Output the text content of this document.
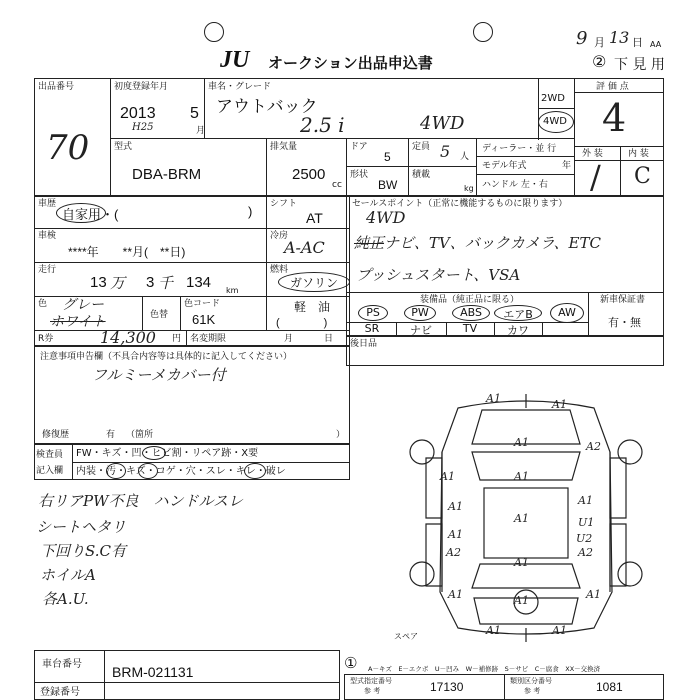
JU オークション出品申込書
9 月 13 日 AA
② 下 見 用
出品番号
70
初度登録年月
2013 5
月
H25
車名・グレード
アウトバック
2.5 i	4WD
2WD
4WD
評 価 点
4
外 装	内 装
/ C
型式
DBA-BRM
排気量
2500
cc
ドア
5
定員 5 人
形状
BW
積載
kg
ディーラー・並 行
モデル年式	年
ハンドル 左・右
車歴
自家用・(	) シフト
AT
車検
****年　　**月(　**日)
冷房
A-AC
走行
13 万 3 千 134 km
燃料
ガソリン
軽　油
(　　　　)
色 グレー
ホワイト	色替
色コード
61K
R券	14,300 円 名変期限	月	日
セールスポイント（正常に機能するものに限ります）
4WD
純正 ナビ、TV、バックカメラ、ETC
プッシュスタート、VSA
装備品（純正品に限る）	新車保証書
有・無
PS	PW	ABS	エアB	AW
SR	ナビ	TV	カワ
後日品
注意事項申告欄（不具合内容等は具体的に記入してください）
フルミーメカバー付
修復歴	有 （箇所	）
検査員
記入欄
FW・キズ・凹・ヒビ割・リペア跡・X要
内装・汚・キズ・コゲ・穴・スレ・キレ・破レ
右リアPW不良　ハンドルスレ
シートヘタリ
下回りS.C有
ホイルA
各A.U.
A1	A1
A1	A2
A1	A1
A1
A1
A1	U1
A1
A2
U2
A2
A1
A1	A1	A1
A1	A1
スペア
車台番号 BRM-021131
登録番号
① A－キズ　E－エクボ　U－凹み　W－補修跡　S－サビ　C－腐食　XX－交換済
型式指定番号
参 考	17130	類別区分番号
参 考	1081
